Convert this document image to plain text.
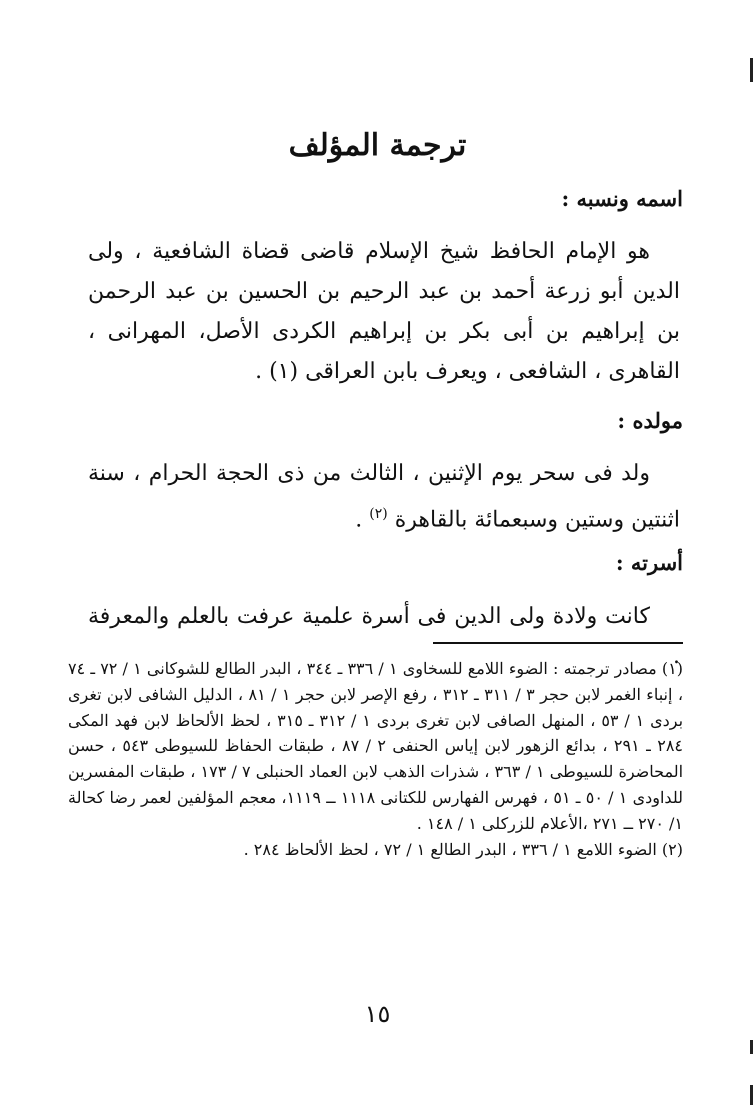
ترجمة المؤلف
اسمه ونسبه :

هو الإمام الحافظ شيخ الإسلام قاضى قضاة الشافعية ، ولى الدين أبو زرعة أحمد بن عبد الرحيم بن الحسين بن عبد الرحمن بن إبراهيم بن أبى بكر بن إبراهيم الكردى الأصل، المهرانى ، القاهرى ، الشافعى ، ويعرف بابن العراقى (١) .

مولده :

ولد فى سحر يوم الإثنين ، الثالث من ذى الحجة الحرام ، سنة اثنتين وستين وسبعمائة بالقاهرة $^{(٢)}$ .

أسرته :

كانت ولادة ولى الدين فى أسرة علمية عرفت بالعلم والمعرفة .

(١) مصادر ترجمته : الضوء اللامع للسخاوى ١ / ٣٣٦ ـ ٣٤٤ ، البدر الطالع للشوكانى ١ / ٧٢ ـ ٧٤ ، إنباء الغمر لابن حجر ٣ / ٣١١ ـ ٣١٢ ، رفع الإصر لابن حجر ١ / ٨١ ، الدليل الشافى لابن تغرى بردى ١ / ٥٣ ، المنهل الصافى لابن تغرى بردى ١ / ٣١٢ ـ ٣١٥ ، لحظ الألحاظ لابن فهد المكى ٢٨٤ ـ ٢٩١ ، بدائع الزهور لابن إياس الحنفى ٢ / ٨٧ ، طبقات الحفاظ للسيوطى ٥٤٣ ، حسن المحاضرة للسيوطى ١ / ٣٦٣ ، شذرات الذهب لابن العماد الحنبلى ٧ / ١٧٣ ، طبقات المفسرين للداودى ١ / ٥٠ ـ ٥١ ، فهرس الفهارس للكتانى ١١١٨ ــ ١١١٩، معجم المؤلفين لعمر رضا كحالة ١/ ٢٧٠ ــ ٢٧١ ،الأعلام للزركلى ١ / ١٤٨ .

(٢) الضوء اللامع ١ / ٣٣٦ ، البدر الطالع ١ / ٧٢ ، لحظ الألحاظ ٢٨٤ .

١٥
